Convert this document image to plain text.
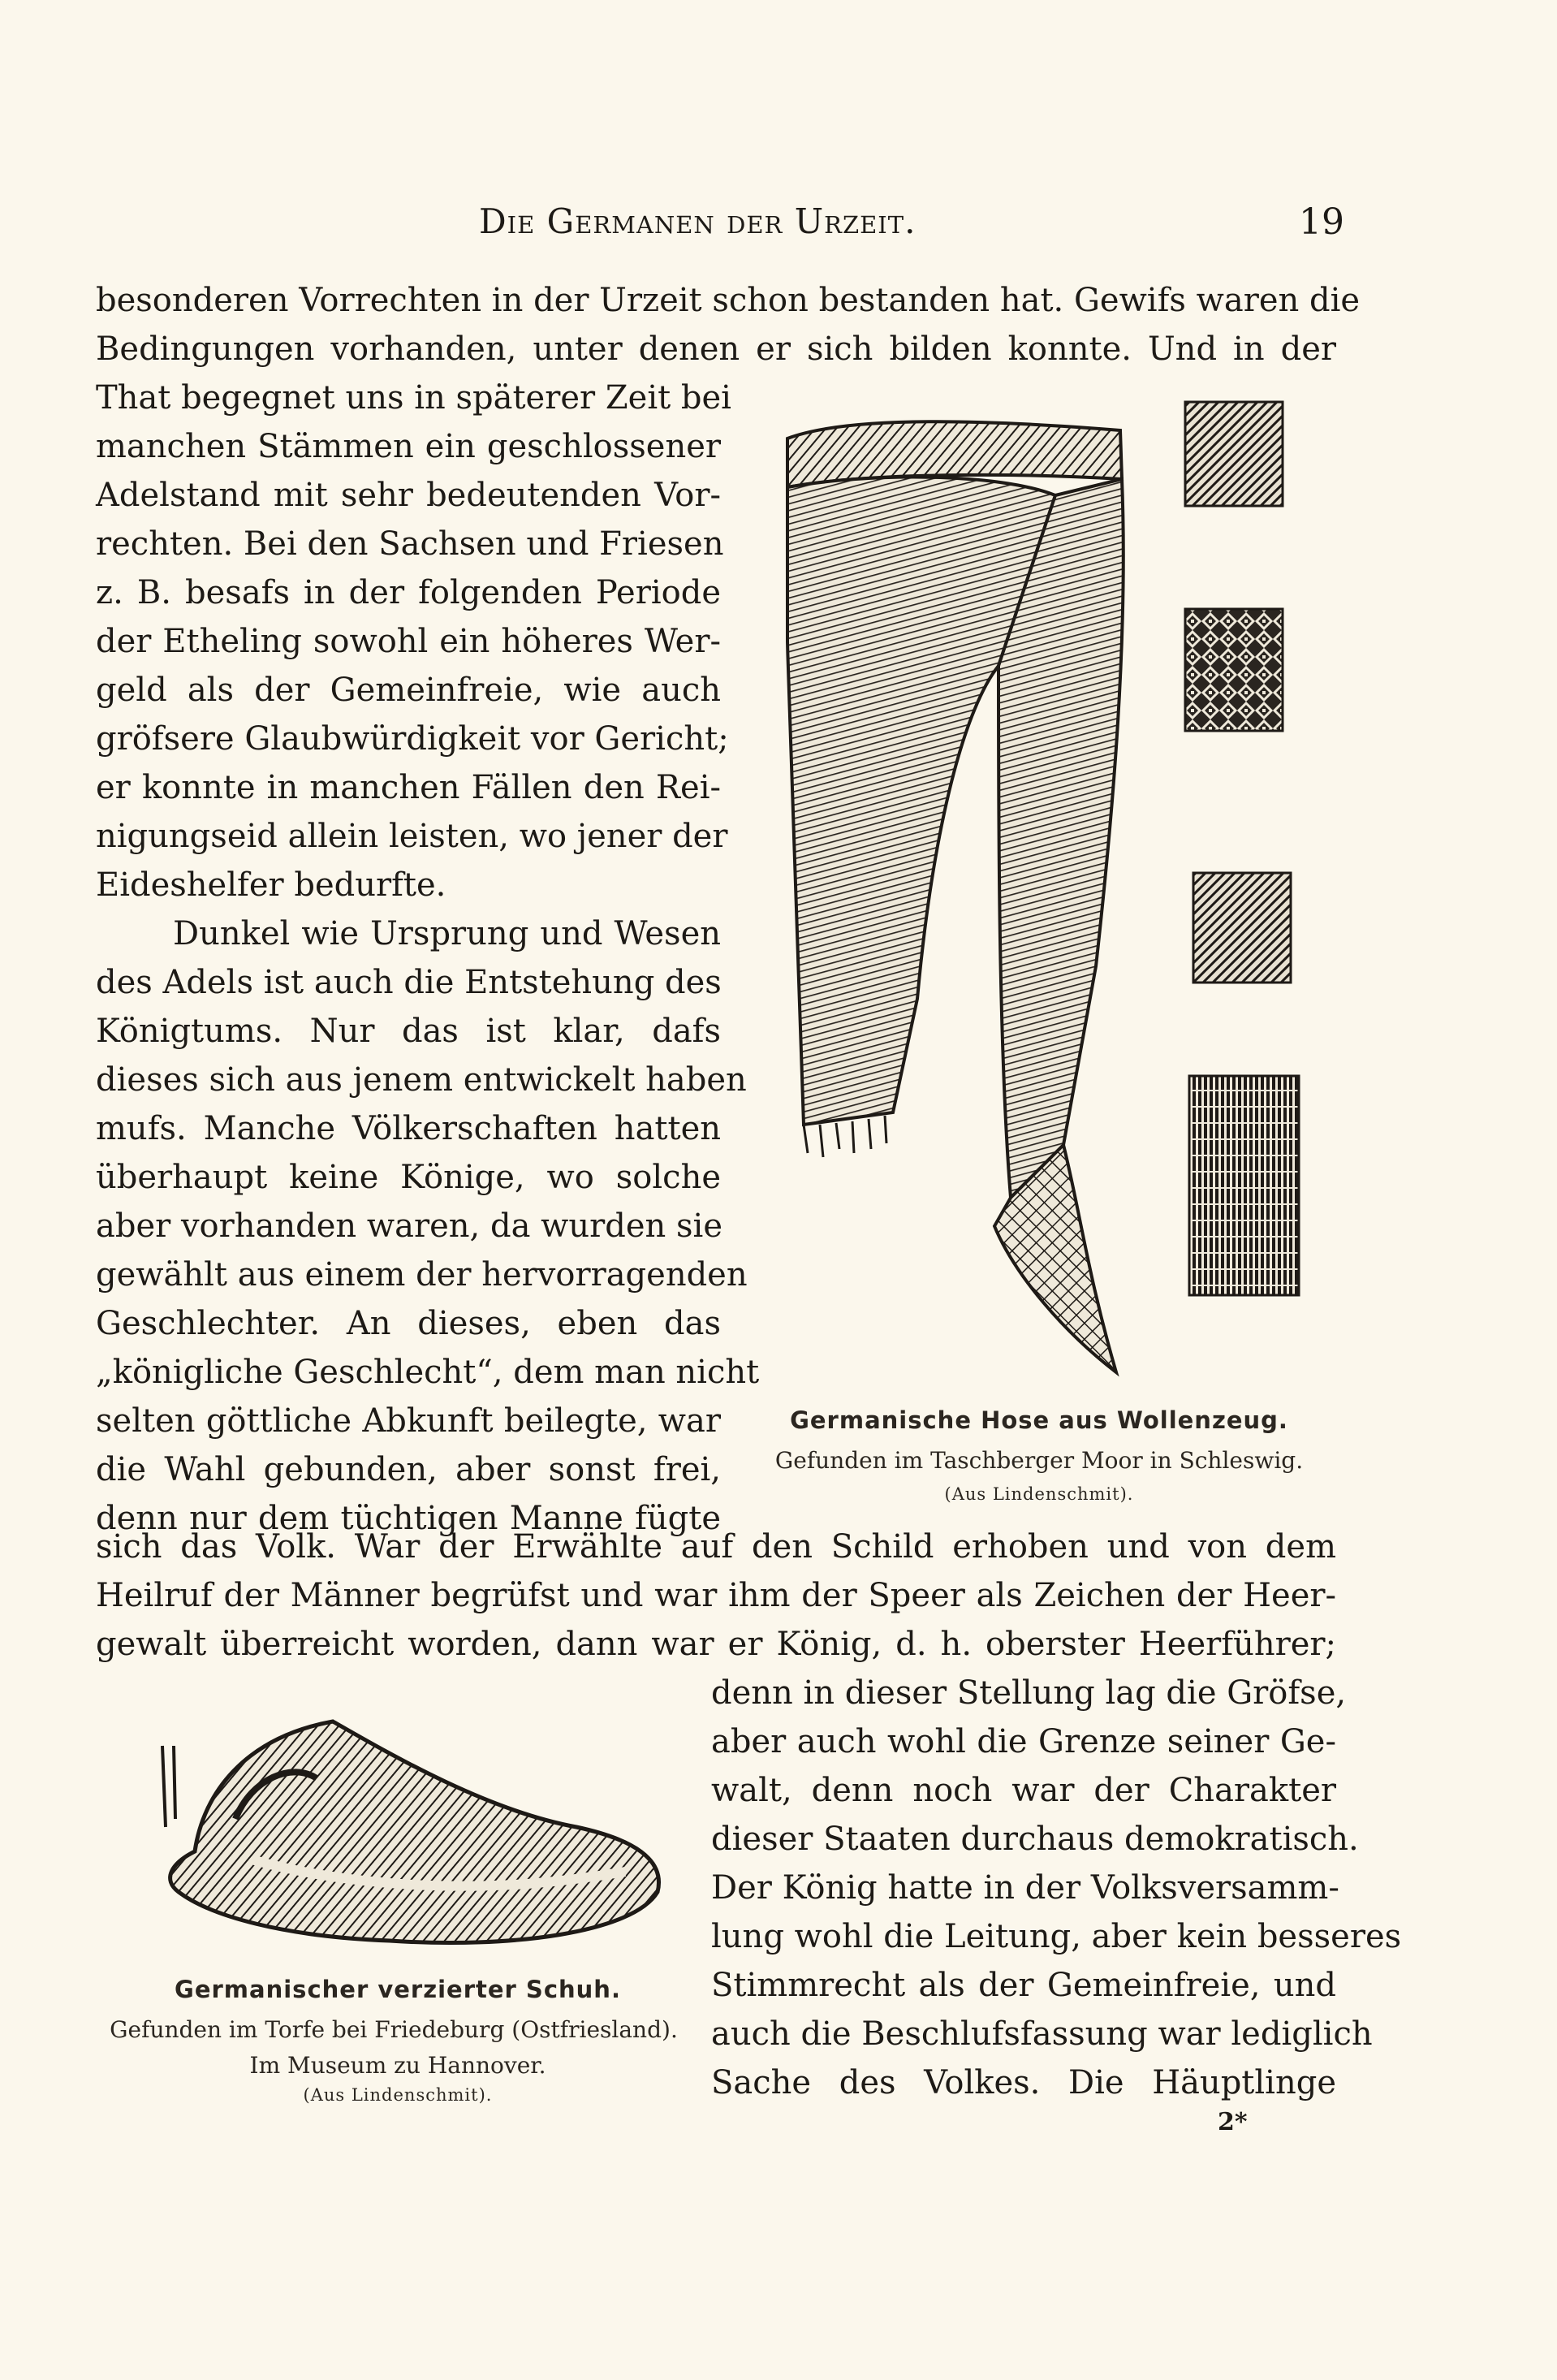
Die Germanen der Urzeit.	19
besonderen Vorrechten in der Urzeit schon bestanden hat. Gewifs waren die
Bedingungen vorhanden, unter denen er sich bilden konnte. Und in der
That begegnet uns in späterer Zeit bei
manchen Stämmen ein geschlossener
Adelstand mit sehr bedeutenden Vor-
rechten. Bei den Sachsen und Friesen
z. B. besafs in der folgenden Periode
der Etheling sowohl ein höheres Wer-
geld als der Gemeinfreie, wie auch
gröfsere Glaubwürdigkeit vor Gericht;
er konnte in manchen Fällen den Rei-
nigungseid allein leisten, wo jener der
Eideshelfer bedurfte.
Dunkel wie Ursprung und Wesen
des Adels ist auch die Entstehung des
Königtums. Nur das ist klar, dafs
dieses sich aus jenem entwickelt haben
mufs. Manche Völkerschaften hatten
überhaupt keine Könige, wo solche
aber vorhanden waren, da wurden sie
gewählt aus einem der hervorragenden
Geschlechter. An dieses, eben das
„königliche Geschlecht“, dem man nicht
selten göttliche Abkunft beilegte, war
die Wahl gebunden, aber sonst frei,
denn nur dem tüchtigen Manne fügte
sich das Volk. War der Erwählte auf den Schild erhoben und von dem
Heilruf der Männer begrüfst und war ihm der Speer als Zeichen der Heer-
gewalt überreicht worden, dann war er König, d. h. oberster Heerführer;
denn in dieser Stellung lag die Gröfse,
aber auch wohl die Grenze seiner Ge-
walt, denn noch war der Charakter
dieser Staaten durchaus demokratisch.
Der König hatte in der Volksversamm-
lung wohl die Leitung, aber kein besseres
Stimmrecht als der Gemeinfreie, und
auch die Beschlufsfassung war lediglich
Sache des Volkes. Die Häuptlinge
Germanische Hose aus Wollenzeug.
Gefunden im Taschberger Moor in Schleswig.
(Aus Lindenschmit).
Germanischer verzierter Schuh.
Gefunden im Torfe bei Friedeburg (Ostfriesland).
Im Museum zu Hannover.
(Aus Lindenschmit).
2*
